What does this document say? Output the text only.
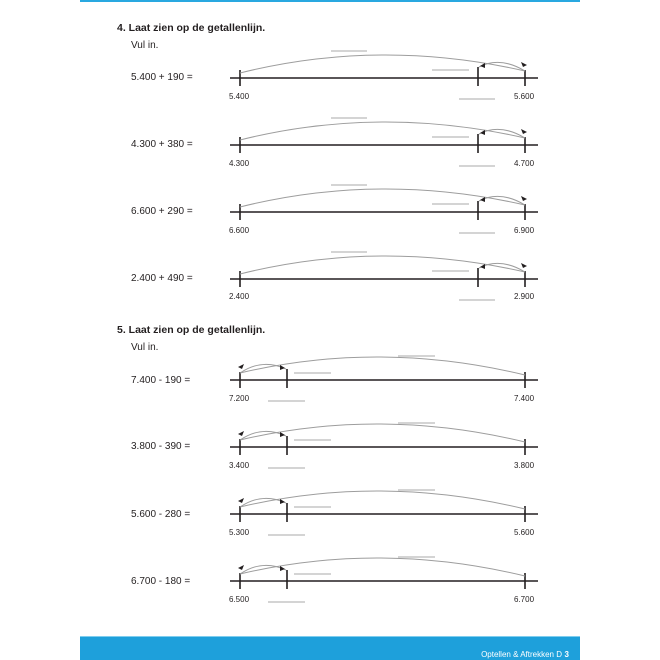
4. Laat zien op de getallenlijn.
Vul in.
5.400 + 190 =
5.400	5.600
4.300 + 380 =
4.300	4.700
6.600 + 290 =
6.600	6.900
2.400 + 490 =
2.400	2.900
5. Laat zien op de getallenlijn.
Vul in.
7.400 - 190 =
7.200	7.400
3.800 - 390 =
3.400	3.800
5.600 - 280 =
5.300	5.600
6.700 - 180 =
6.500	6.700
Optellen & Aftrekken D 3
